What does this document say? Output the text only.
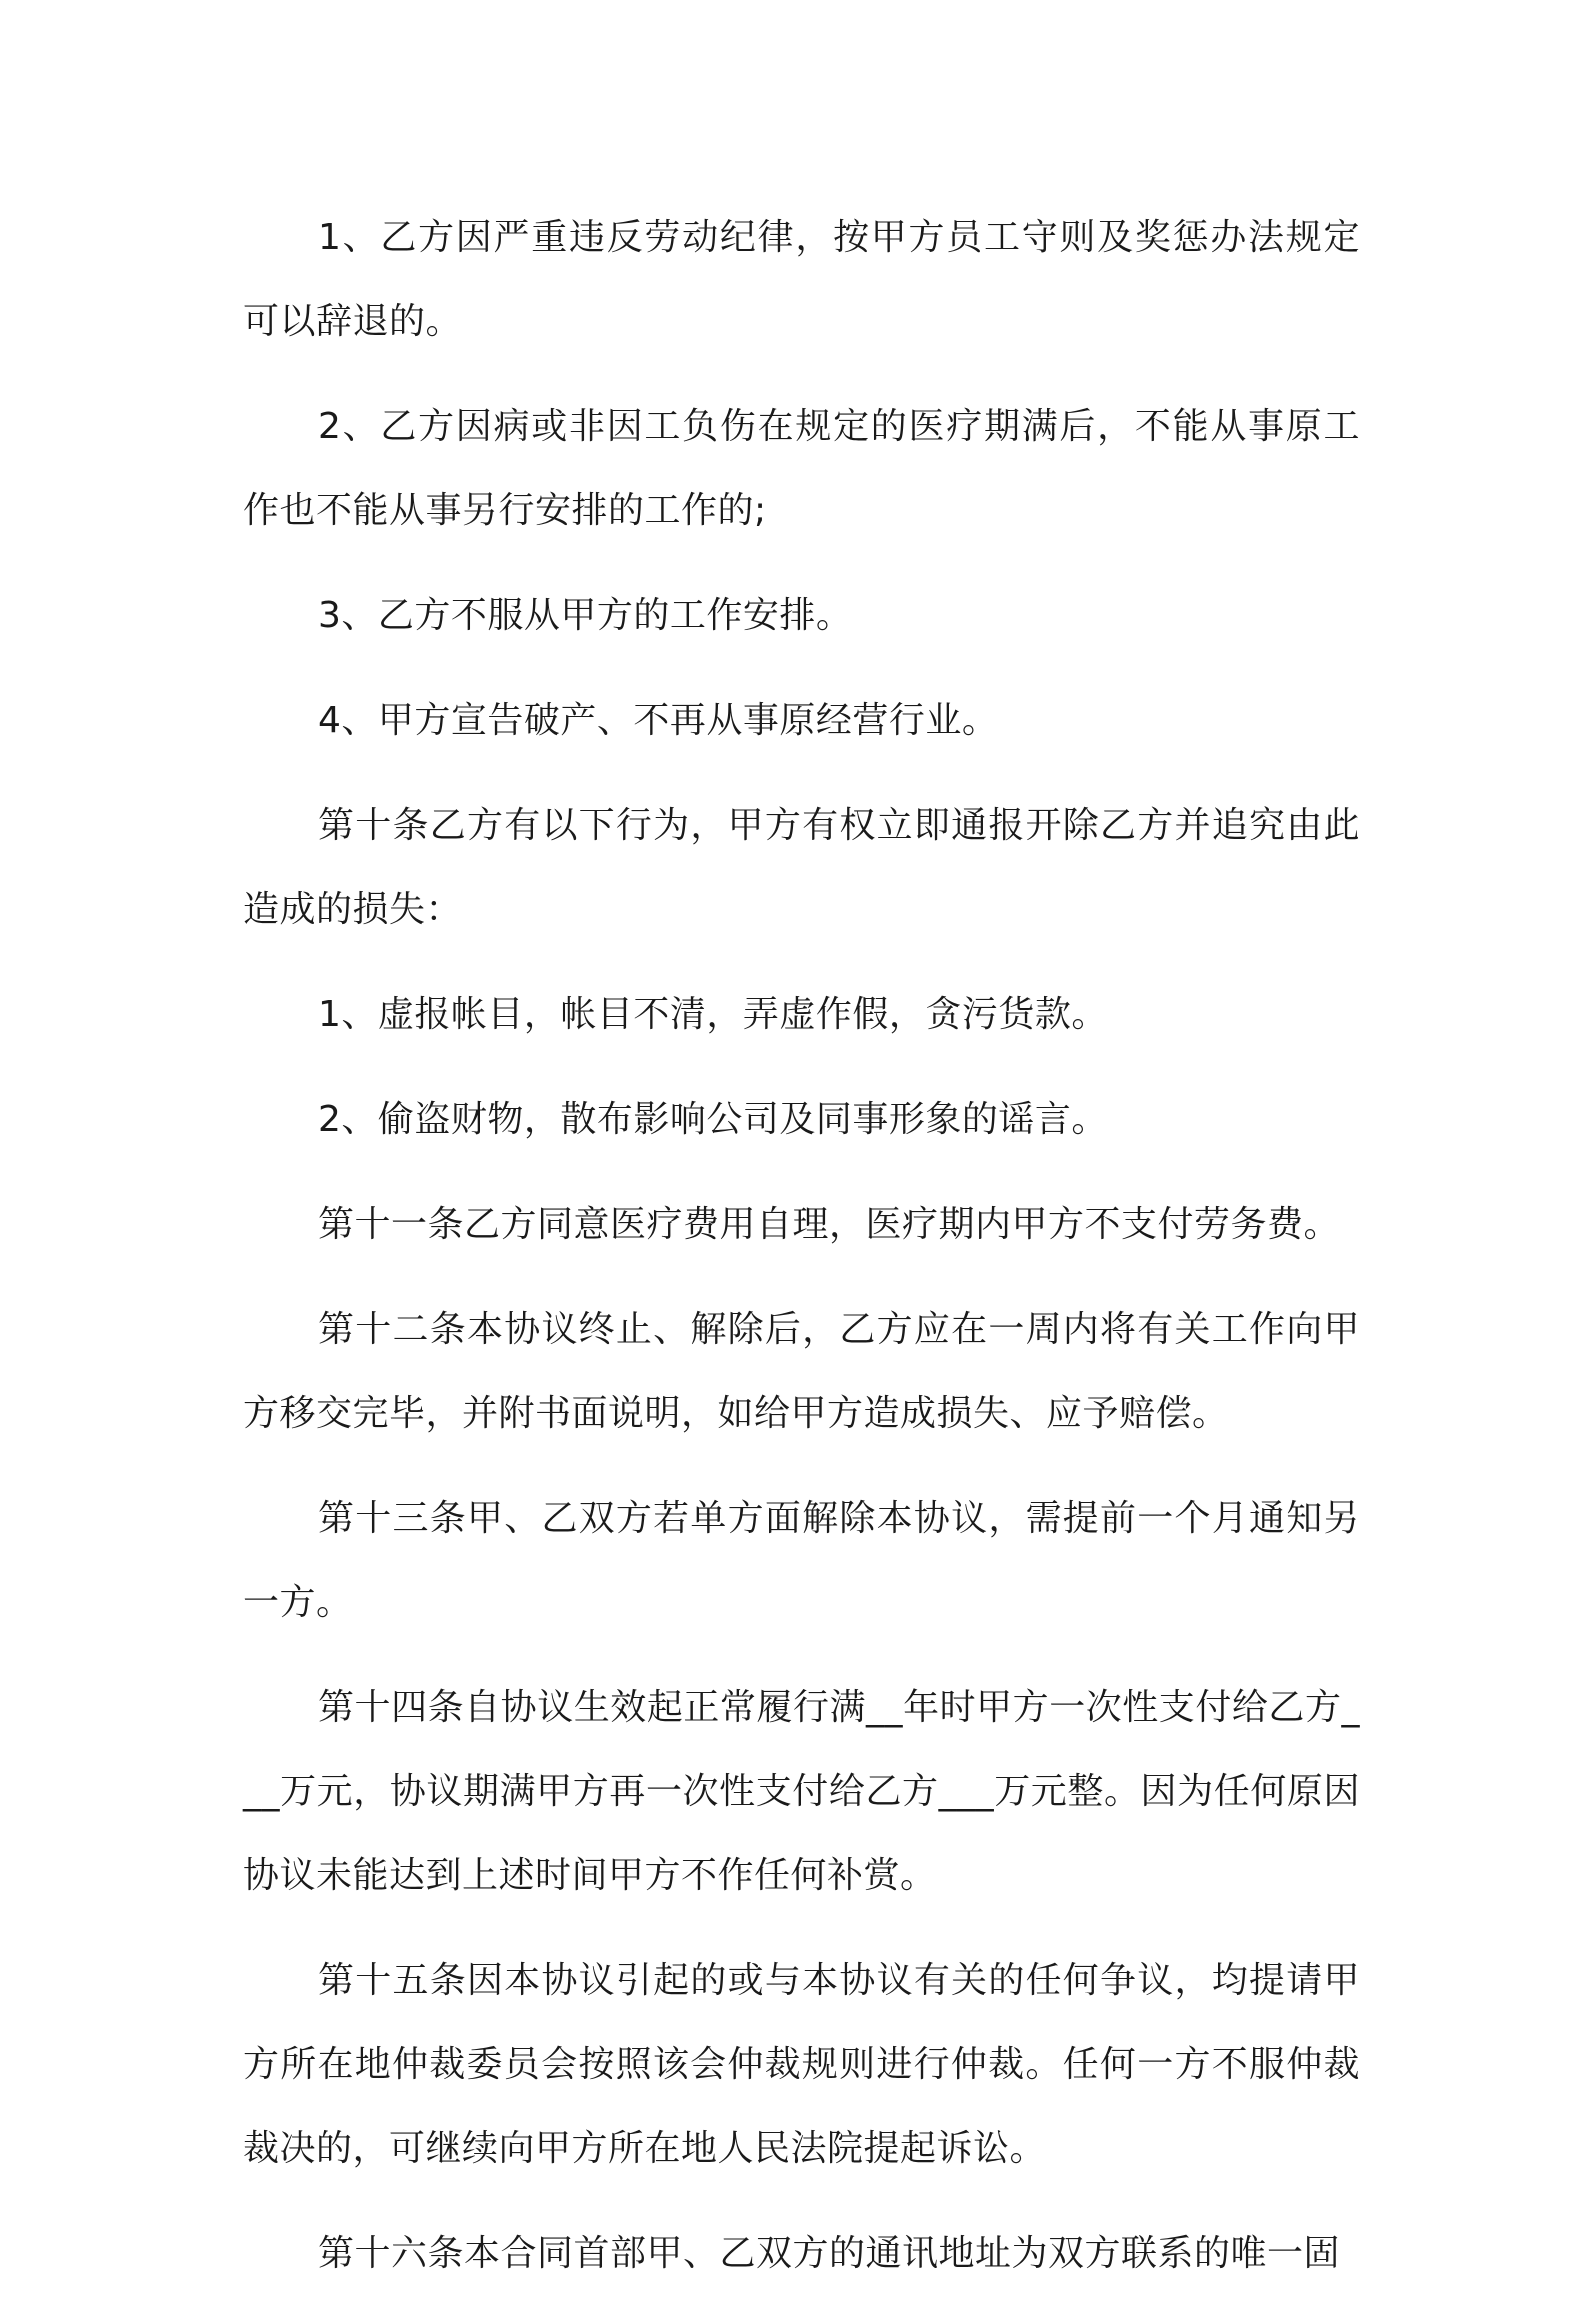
1、乙方因严重违反劳动纪律，按甲方员工守则及奖惩办法规定可以辞退的。

2、乙方因病或非因工负伤在规定的医疗期满后，不能从事原工作也不能从事另行安排的工作的;

3、乙方不服从甲方的工作安排。

4、甲方宣告破产、不再从事原经营行业。

第十条乙方有以下行为，甲方有权立即通报开除乙方并追究由此造成的损失：

1、虚报帐目，帐目不清，弄虚作假，贪污货款。

2、偷盗财物，散布影响公司及同事形象的谣言。

第十一条乙方同意医疗费用自理，医疗期内甲方不支付劳务费。

第十二条本协议终止、解除后，乙方应在一周内将有关工作向甲方移交完毕，并附书面说明，如给甲方造成损失、应予赔偿。

第十三条甲、乙双方若单方面解除本协议，需提前一个月通知另一方。

第十四条自协议生效起正常履行满__年时甲方一次性支付给乙方___万元，协议期满甲方再一次性支付给乙方___万元整。因为任何原因协议未能达到上述时间甲方不作任何补赏。

第十五条因本协议引起的或与本协议有关的任何争议，均提请甲方所在地仲裁委员会按照该会仲裁规则进行仲裁。任何一方不服仲裁裁决的，可继续向甲方所在地人民法院提起诉讼。

第十六条本合同首部甲、乙双方的通讯地址为双方联系的唯一固
